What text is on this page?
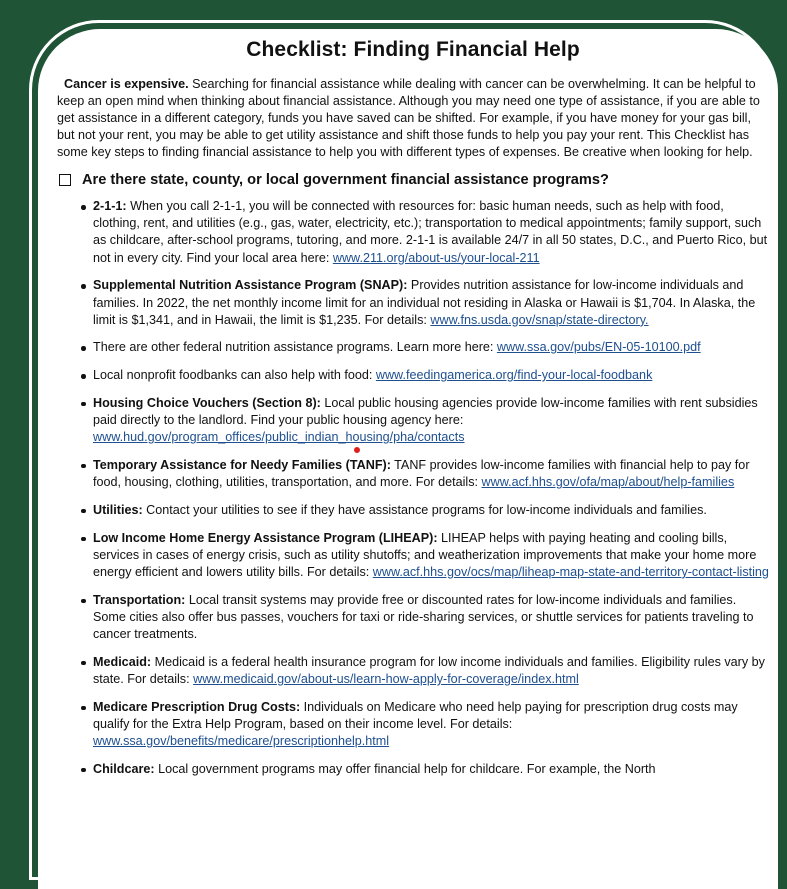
Checklist: Finding Financial Help

Cancer is expensive. Searching for financial assistance while dealing with cancer can be overwhelming. It can be helpful to keep an open mind when thinking about financial assistance. Although you may need one type of assistance, if you are able to get assistance in a different category, funds you have saved can be shifted. For example, if you have money for your gas bill, but not your rent, you may be able to get utility assistance and shift those funds to help you pay your rent. This Checklist has some key steps to finding financial assistance to help you with different types of expenses. Be creative when looking for help.

Are there state, county, or local government financial assistance programs?
2-1-1: When you call 2-1-1, you will be connected with resources for: basic human needs, such as help with food, clothing, rent, and utilities (e.g., gas, water, electricity, etc.); transportation to medical appointments; family support, such as childcare, after-school programs, tutoring, and more. 2-1-1 is available 24/7 in all 50 states, D.C., and Puerto Rico, but not in every city. Find your local area here: www.211.org/about-us/your-local-211
Supplemental Nutrition Assistance Program (SNAP): Provides nutrition assistance for low-income individuals and families. In 2022, the net monthly income limit for an individual not residing in Alaska or Hawaii is $1,704. In Alaska, the limit is $1,341, and in Hawaii, the limit is $1,235. For details: www.fns.usda.gov/snap/state-directory.
There are other federal nutrition assistance programs. Learn more here: www.ssa.gov/pubs/EN-05-10100.pdf
Local nonprofit foodbanks can also help with food: www.feedingamerica.org/find-your-local-foodbank
Housing Choice Vouchers (Section 8): Local public housing agencies provide low-income families with rent subsidies paid directly to the landlord. Find your public housing agency here: www.hud.gov/program_offices/public_indian_housing/pha/contacts
Temporary Assistance for Needy Families (TANF): TANF provides low-income families with financial help to pay for food, housing, clothing, utilities, transportation, and more. For details: www.acf.hhs.gov/ofa/map/about/help-families
Utilities: Contact your utilities to see if they have assistance programs for low-income individuals and families.
Low Income Home Energy Assistance Program (LIHEAP): LIHEAP helps with paying heating and cooling bills, services in cases of energy crisis, such as utility shutoffs; and weatherization improvements that make your home more energy efficient and lowers utility bills. For details: www.acf.hhs.gov/ocs/map/liheap-map-state-and-territory-contact-listing
Transportation: Local transit systems may provide free or discounted rates for low-income individuals and families. Some cities also offer bus passes, vouchers for taxi or ride-sharing services, or shuttle services for patients traveling to cancer treatments.
Medicaid: Medicaid is a federal health insurance program for low income individuals and families. Eligibility rules vary by state. For details: www.medicaid.gov/about-us/learn-how-apply-for-coverage/index.html
Medicare Prescription Drug Costs: Individuals on Medicare who need help paying for prescription drug costs may qualify for the Extra Help Program, based on their income level. For details: www.ssa.gov/benefits/medicare/prescriptionhelp.html
Childcare: Local government programs may offer financial help for childcare. For example, the North
